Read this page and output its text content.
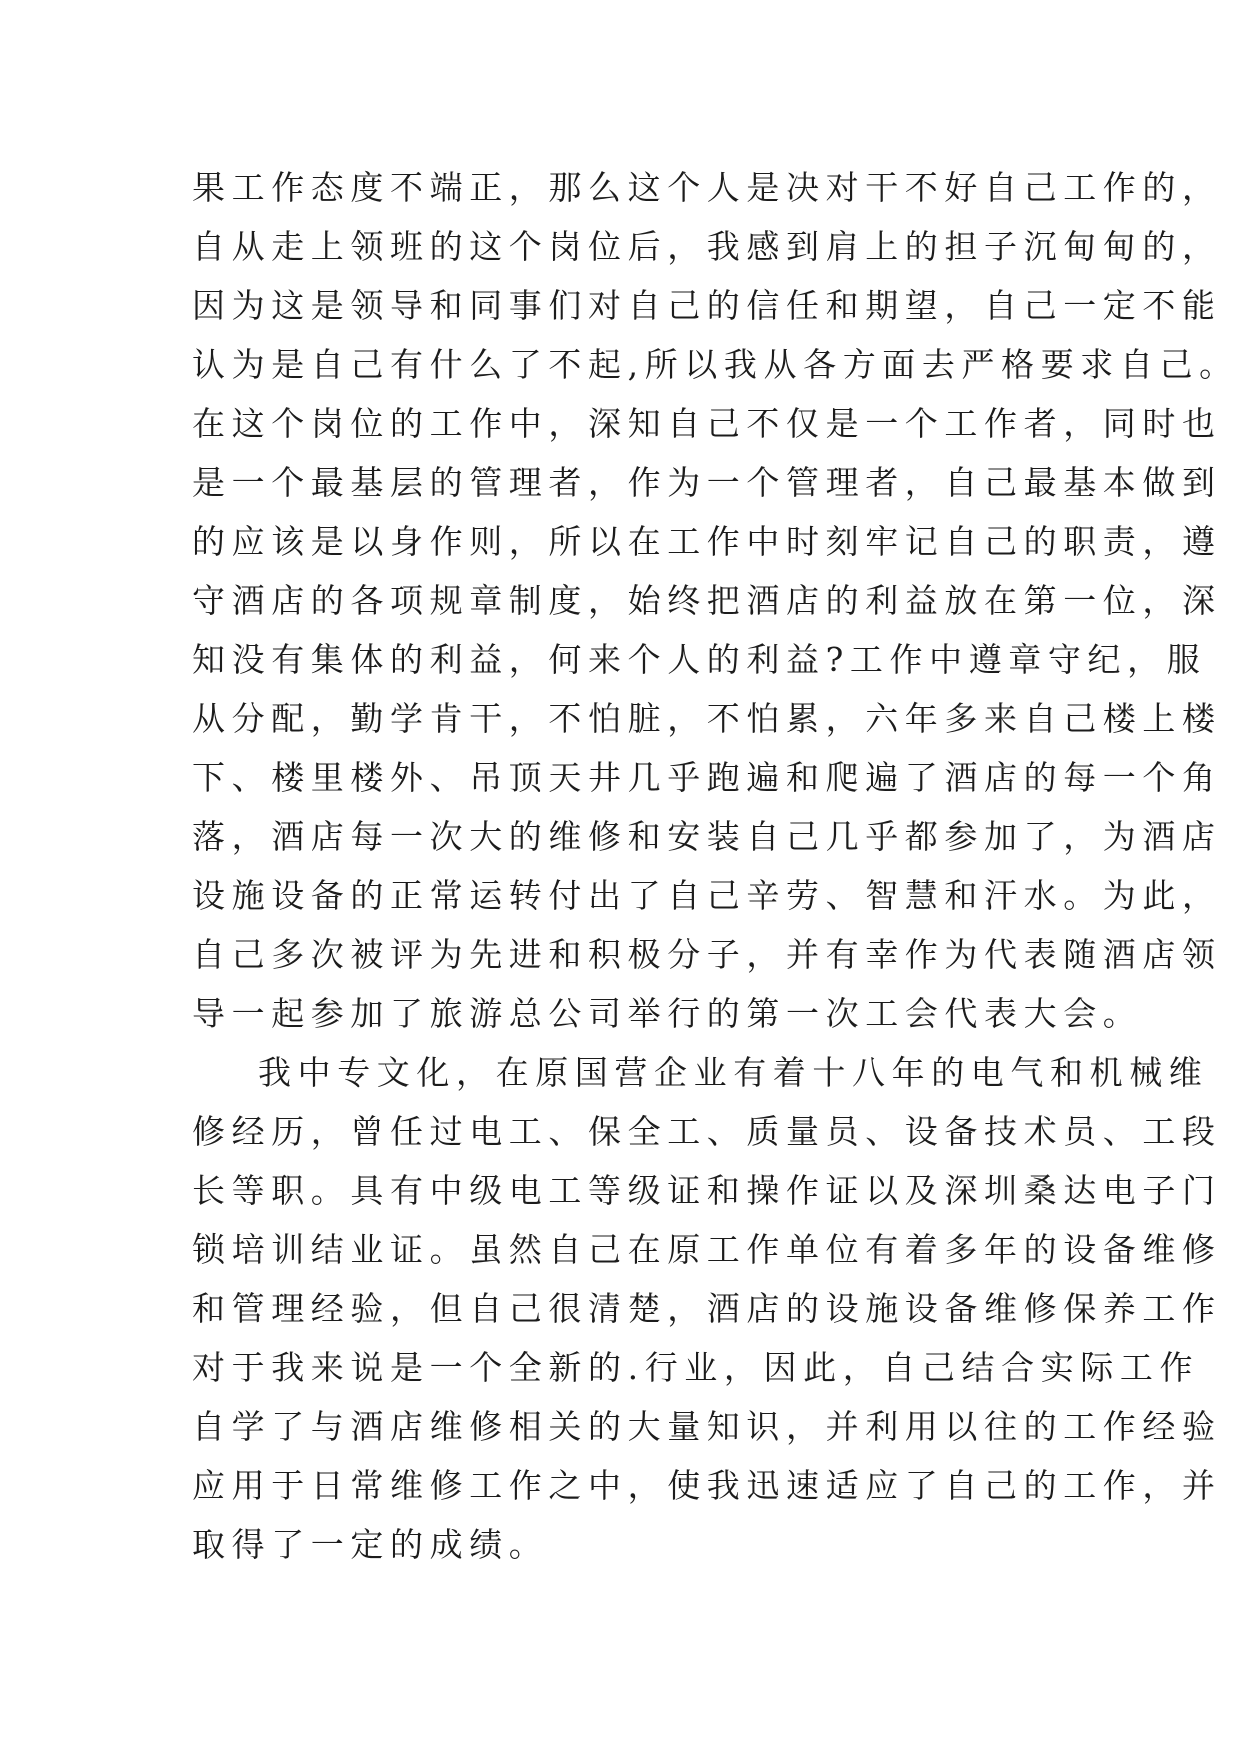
果工作态度不端正，那么这个人是决对干不好自己工作的，
自从走上领班的这个岗位后，我感到肩上的担子沉甸甸的，
因为这是领导和同事们对自己的信任和期望，自己一定不能
认为是自己有什么了不起,所以我从各方面去严格要求自己。
在这个岗位的工作中，深知自己不仅是一个工作者，同时也
是一个最基层的管理者，作为一个管理者，自己最基本做到
的应该是以身作则，所以在工作中时刻牢记自己的职责，遵
守酒店的各项规章制度，始终把酒店的利益放在第一位，深
知没有集体的利益，何来个人的利益?工作中遵章守纪，服
从分配，勤学肯干，不怕脏，不怕累，六年多来自己楼上楼
下、楼里楼外、吊顶天井几乎跑遍和爬遍了酒店的每一个角
落，酒店每一次大的维修和安装自己几乎都参加了，为酒店
设施设备的正常运转付出了自己辛劳、智慧和汗水。为此，
自己多次被评为先进和积极分子，并有幸作为代表随酒店领
导一起参加了旅游总公司举行的第一次工会代表大会。
我中专文化，在原国营企业有着十八年的电气和机械维
修经历，曾任过电工、保全工、质量员、设备技术员、工段
长等职。具有中级电工等级证和操作证以及深圳桑达电子门
锁培训结业证。虽然自己在原工作单位有着多年的设备维修
和管理经验，但自己很清楚，酒店的设施设备维修保养工作
对于我来说是一个全新的.行业，因此，自己结合实际工作
自学了与酒店维修相关的大量知识，并利用以往的工作经验
应用于日常维修工作之中，使我迅速适应了自己的工作，并
取得了一定的成绩。
